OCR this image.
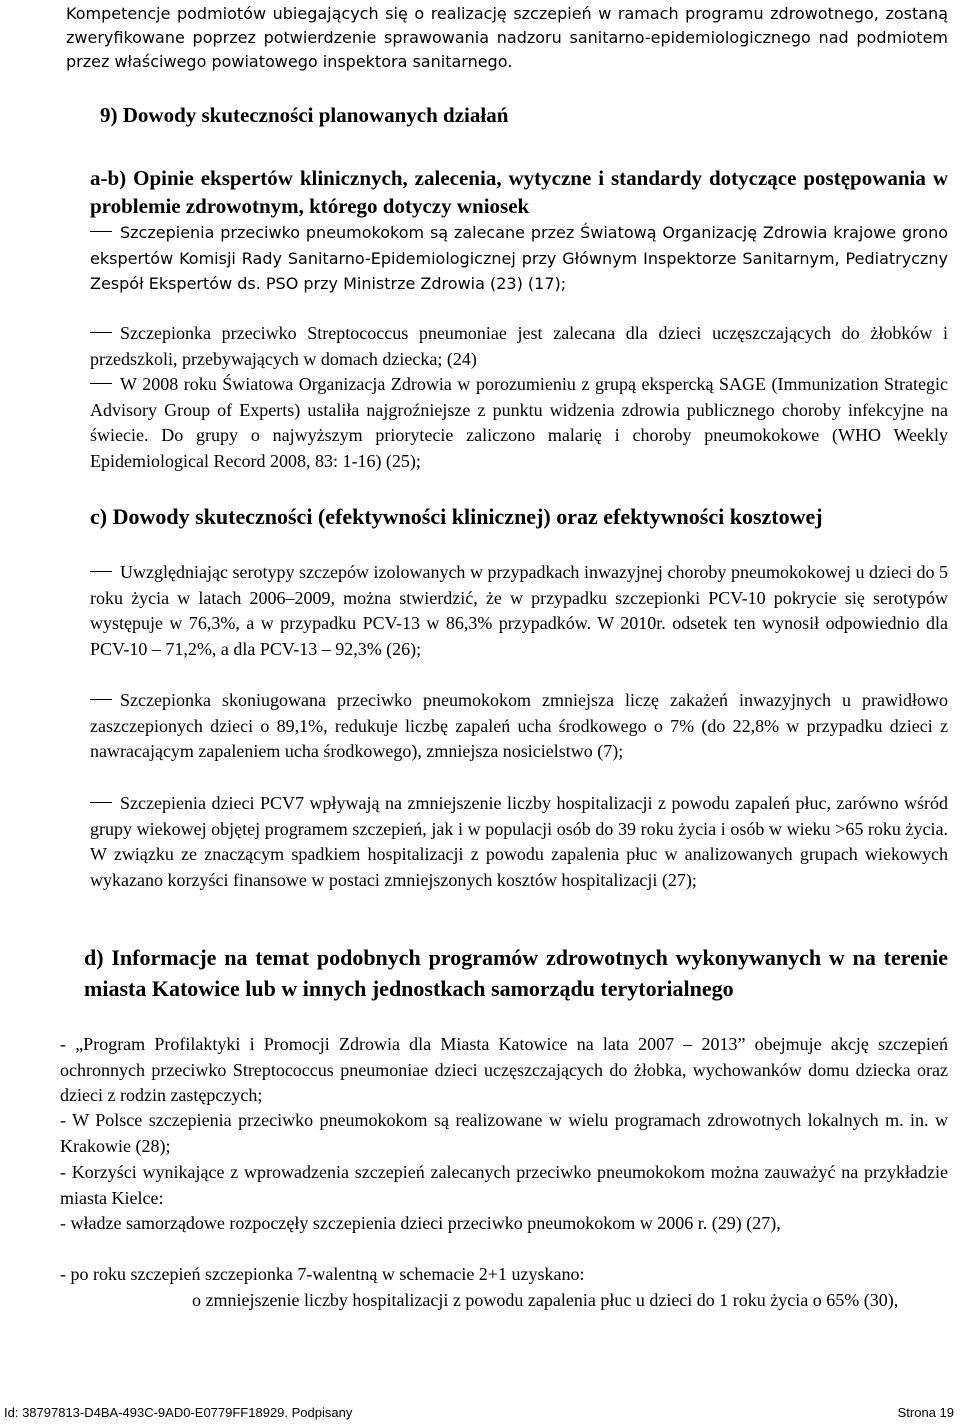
Kompetencje podmiotów ubiegających się o realizację szczepień w ramach programu zdrowotnego, zostaną zweryfikowane poprzez potwierdzenie sprawowania nadzoru sanitarno-epidemiologicznego nad podmiotem przez właściwego powiatowego inspektora sanitarnego.

9) Dowody skuteczności planowanych działań

a-b) Opinie ekspertów klinicznych, zalecenia, wytyczne i standardy dotyczące postępowania w problemie zdrowotnym, którego dotyczy wniosek

Szczepienia przeciwko pneumokokom są zalecane przez Światową Organizację Zdrowia krajowe grono ekspertów Komisji Rady Sanitarno-Epidemiologicznej przy Głównym Inspektorze Sanitarnym, Pediatryczny Zespół Ekspertów ds. PSO przy Ministrze Zdrowia (23) (17);

Szczepionka przeciwko Streptococcus pneumoniae jest zalecana dla dzieci uczęszczających do żłobków i przedszkoli, przebywających w domach dziecka; (24)

W 2008 roku Światowa Organizacja Zdrowia w porozumieniu z grupą ekspercką SAGE (Immunization Strategic Advisory Group of Experts) ustaliła najgroźniejsze z punktu widzenia zdrowia publicznego choroby infekcyjne na świecie. Do grupy o najwyższym priorytecie zaliczono malarię i choroby pneumokokowe (WHO Weekly Epidemiological Record 2008, 83: 1-16) (25);

c) Dowody skuteczności (efektywności klinicznej) oraz efektywności kosztowej

Uwzględniając serotypy szczepów izolowanych w przypadkach inwazyjnej choroby pneumokokowej u dzieci do 5 roku życia w latach 2006–2009, można stwierdzić, że w przypadku szczepionki PCV-10 pokrycie się serotypów występuje w 76,3%, a w przypadku PCV-13 w 86,3% przypadków. W 2010r. odsetek ten wynosił odpowiednio dla PCV-10 – 71,2%, a dla PCV-13 – 92,3% (26);

Szczepionka skoniugowana przeciwko pneumokokom zmniejsza liczę zakażeń inwazyjnych u prawidłowo zaszczepionych dzieci o 89,1%, redukuje liczbę zapaleń ucha środkowego o 7% (do 22,8% w przypadku dzieci z nawracającym zapaleniem ucha środkowego), zmniejsza nosicielstwo (7);

Szczepienia dzieci PCV7 wpływają na zmniejszenie liczby hospitalizacji z powodu zapaleń płuc, zarówno wśród grupy wiekowej objętej programem szczepień, jak i w populacji osób do 39 roku życia i osób w wieku >65 roku życia. W związku ze znaczącym spadkiem hospitalizacji z powodu zapalenia płuc w analizowanych grupach wiekowych wykazano korzyści finansowe w postaci zmniejszonych kosztów hospitalizacji (27);

d) Informacje na temat podobnych programów zdrowotnych wykonywanych w na terenie miasta Katowice lub w innych jednostkach samorządu terytorialnego

- „Program Profilaktyki i Promocji Zdrowia dla Miasta Katowice na lata 2007 – 2013” obejmuje akcję szczepień ochronnych przeciwko Streptococcus pneumoniae dzieci uczęszczających do żłobka, wychowanków domu dziecka oraz dzieci z rodzin zastępczych;

- W Polsce szczepienia przeciwko pneumokokom są realizowane w wielu programach zdrowotnych lokalnych m. in. w Krakowie (28);

- Korzyści wynikające z wprowadzenia szczepień zalecanych przeciwko pneumokokom można zauważyć na przykładzie miasta Kielce:

- władze samorządowe rozpoczęły szczepienia dzieci przeciwko pneumokokom w 2006 r. (29) (27),

- po roku szczepień szczepionka 7-walentną w schemacie 2+1 uzyskano:

o zmniejszenie liczby hospitalizacji z powodu zapalenia płuc u dzieci do 1 roku życia o 65% (30),

Id: 38797813-D4BA-493C-9AD0-E0779FF18929. Podpisany	Strona 19
